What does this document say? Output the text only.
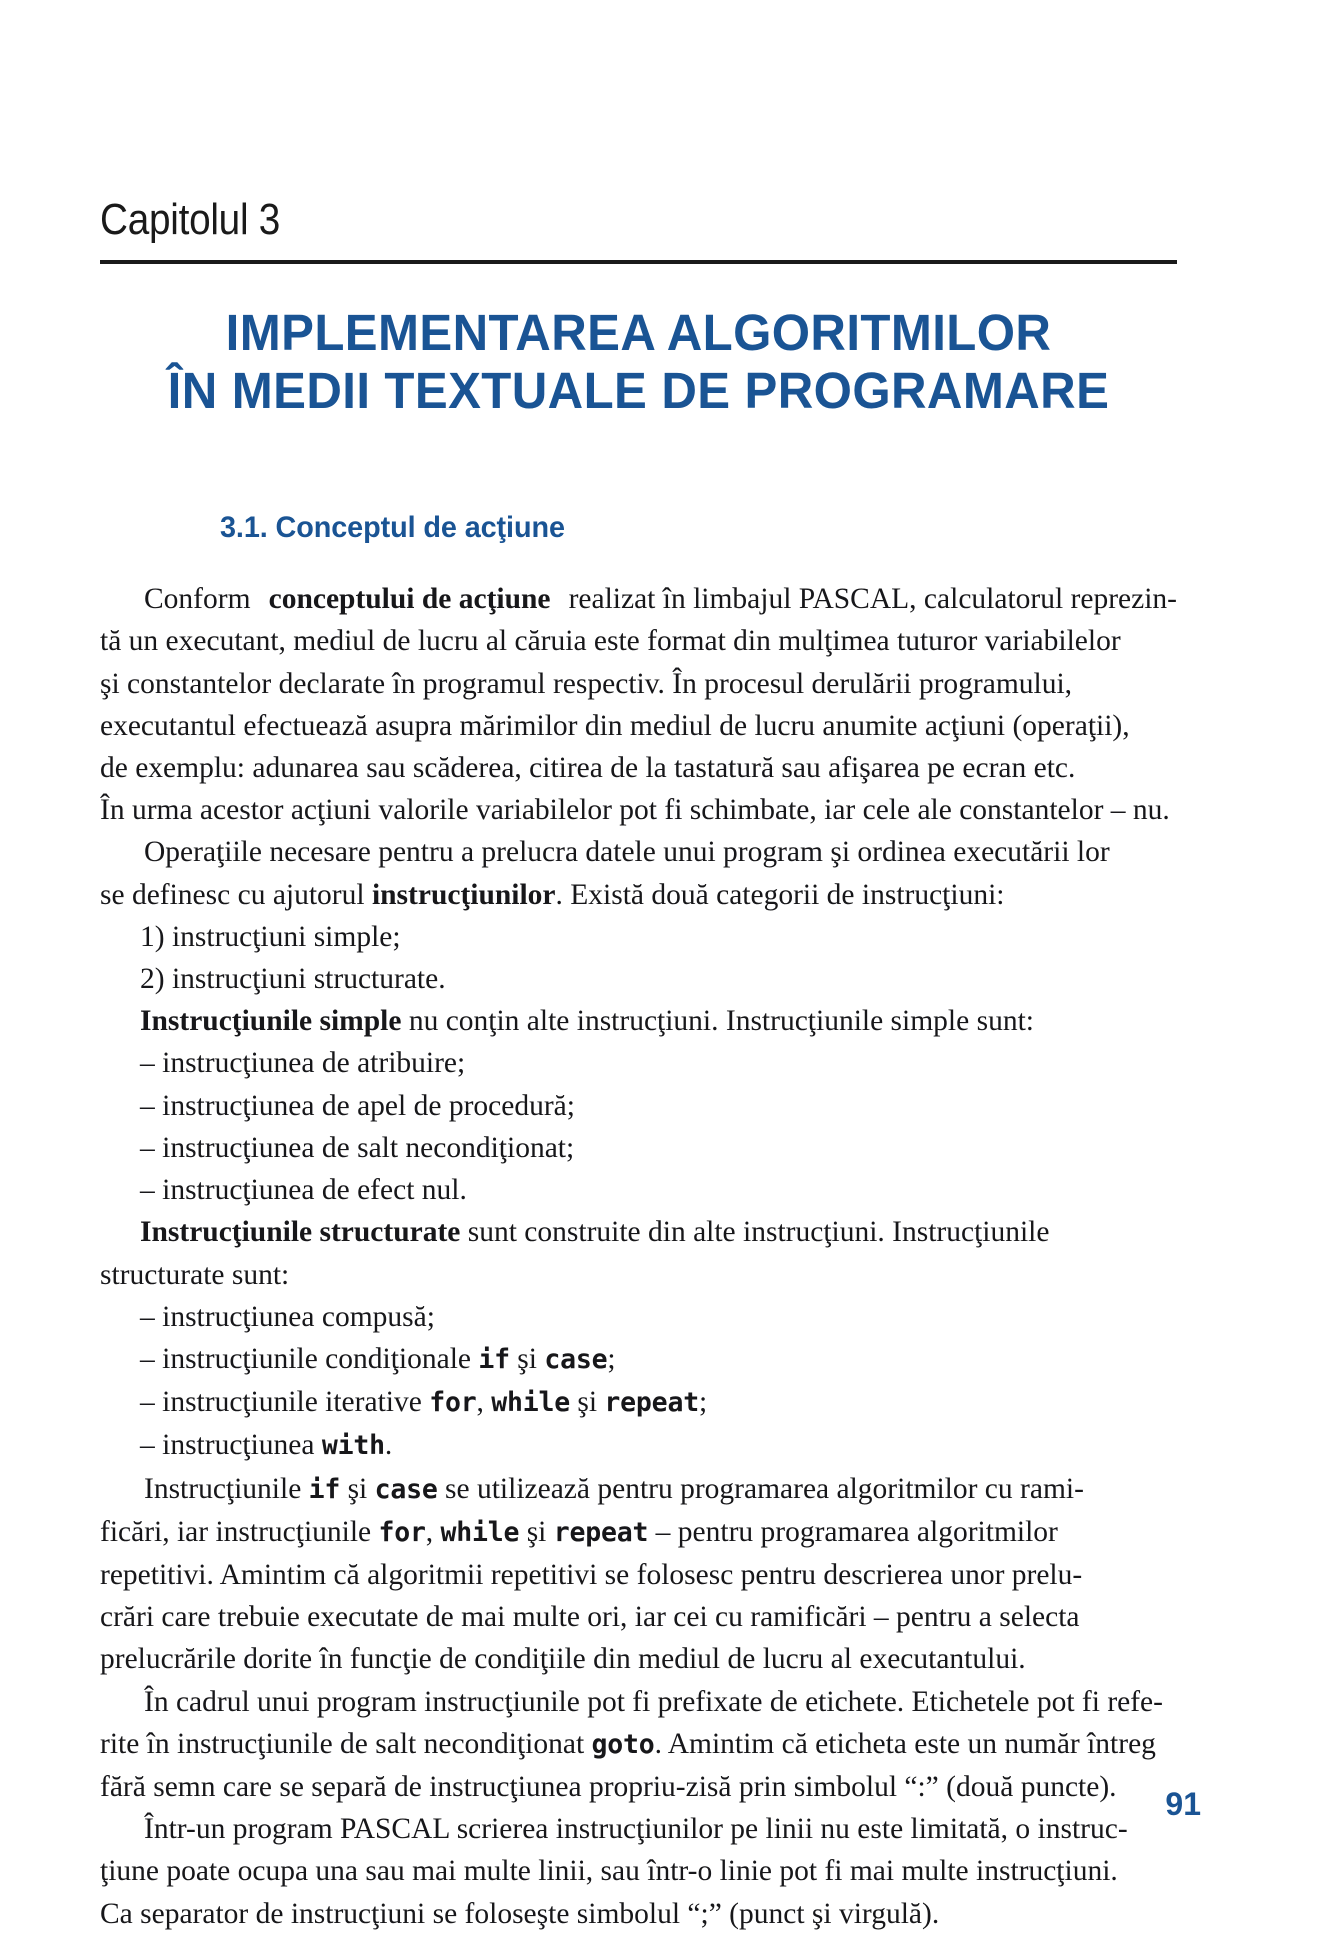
Capitolul 3
IMPLEMENTAREA ALGORITMILOR
ÎN MEDII TEXTUALE DE PROGRAMARE
3.1. Conceptul de acţiune

Conform conceptului de acţiune realizat în limbajul PASCAL, calculatorul reprezin-
tă un executant, mediul de lucru al căruia este format din mulţimea tuturor variabilelor
şi constantelor declarate în programul respectiv. În procesul derulării programului,
executantul efectuează asupra mărimilor din mediul de lucru anumite acţiuni (operaţii),
de exemplu: adunarea sau scăderea, citirea de la tastatură sau afişarea pe ecran etc.
În urma acestor acţiuni valorile variabilelor pot fi schimbate, iar cele ale constantelor – nu.

Operaţiile necesare pentru a prelucra datele unui program şi ordinea executării lor
se definesc cu ajutorul instrucţiunilor. Există două categorii de instrucţiuni:

1) instrucţiuni simple;
2) instrucţiuni structurate.

Instrucţiunile simple nu conţin alte instrucţiuni. Instrucţiunile simple sunt:
– instrucţiunea de atribuire;
– instrucţiunea de apel de procedură;
– instrucţiunea de salt necondiţionat;
– instrucţiunea de efect nul.

Instrucţiunile structurate sunt construite din alte instrucţiuni. Instrucţiunile
structurate sunt:
– instrucţiunea compusă;
– instrucţiunile condiţionale if şi case;
– instrucţiunile iterative for, while şi repeat;
– instrucţiunea with.

Instrucţiunile if şi case se utilizează pentru programarea algoritmilor cu rami-
ficări, iar instrucţiunile for, while şi repeat – pentru programarea algoritmilor
repetitivi. Amintim că algoritmii repetitivi se folosesc pentru descrierea unor prelu-
crări care trebuie executate de mai multe ori, iar cei cu ramificări – pentru a selecta
prelucrările dorite în funcţie de condiţiile din mediul de lucru al executantului.

În cadrul unui program instrucţiunile pot fi prefixate de etichete. Etichetele pot fi refe-
rite în instrucţiunile de salt necondiţionat goto. Amintim că eticheta este un număr întreg
fără semn care se separă de instrucţiunea propriu-zisă prin simbolul “:” (două puncte).

Într-un program PASCAL scrierea instrucţiunilor pe linii nu este limitată, o instruc-
ţiune poate ocupa una sau mai multe linii, sau într-o linie pot fi mai multe instrucţiuni.
Ca separator de instrucţiuni se foloseşte simbolul “;” (punct şi virgulă).

91
